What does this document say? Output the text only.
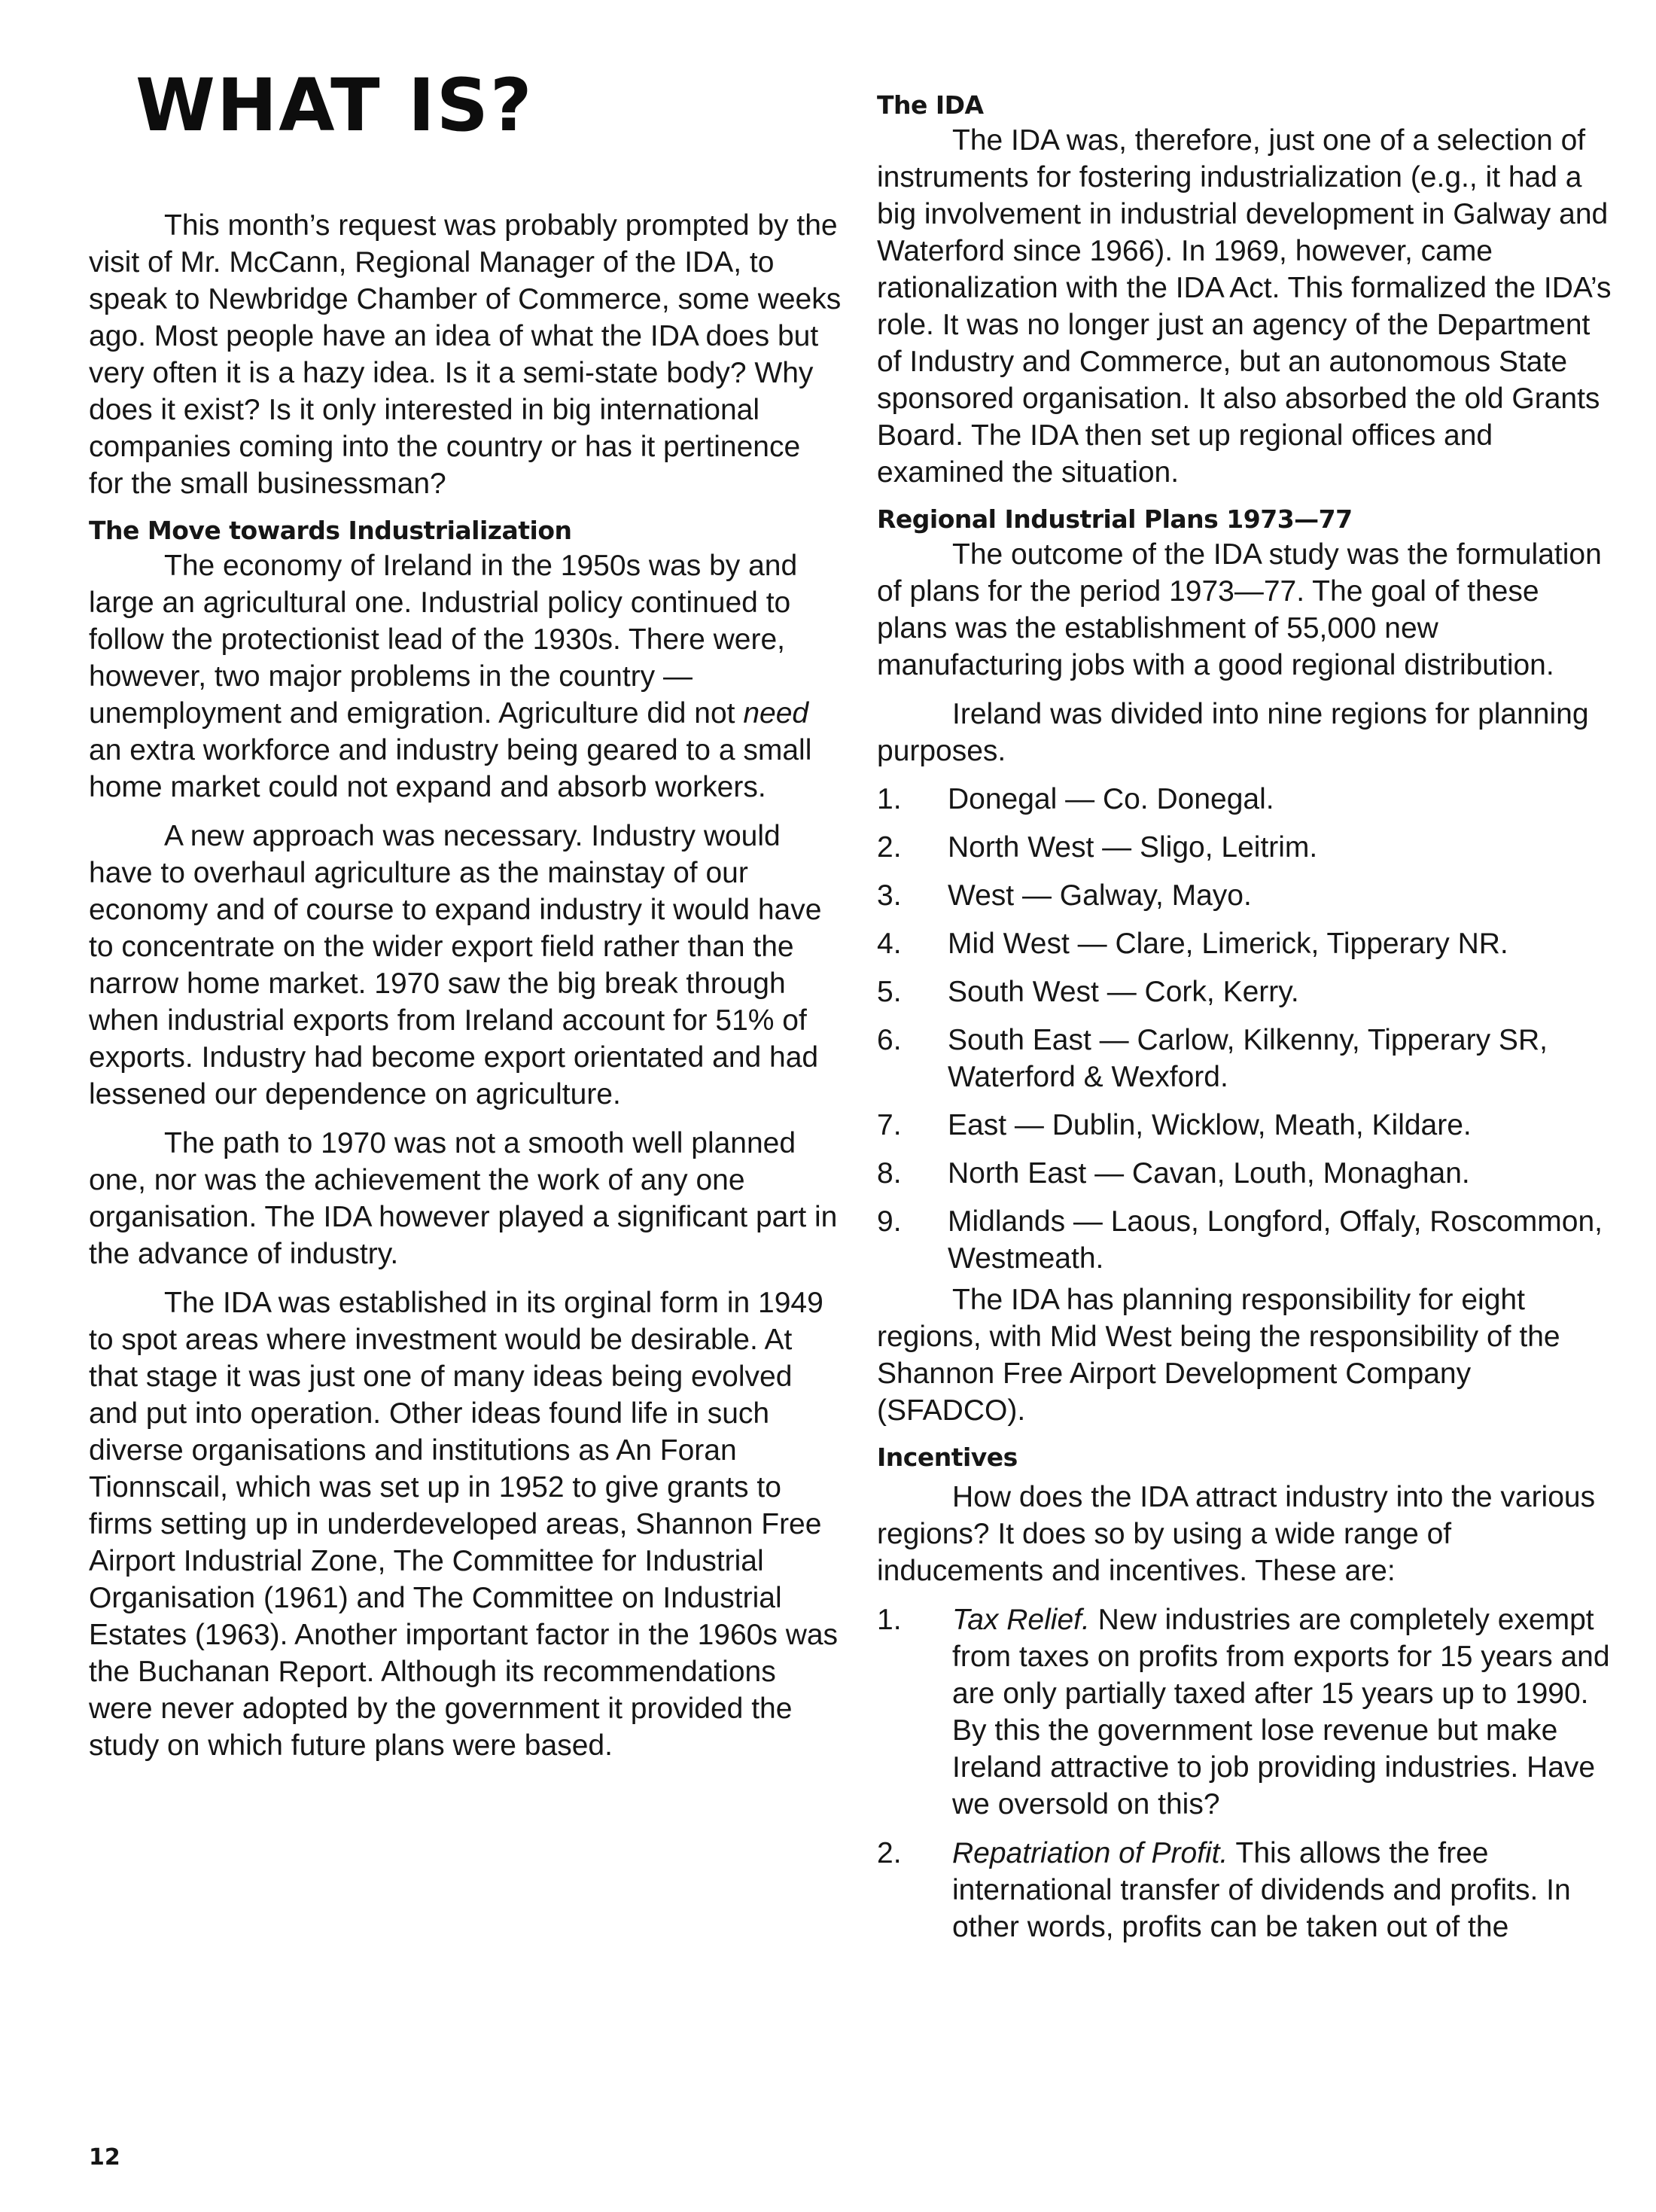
WHAT IS?

This month’s request was probably prompted by the visit of Mr. McCann, Regional Manager of the IDA, to speak to Newbridge Chamber of Commerce, some weeks ago. Most people have an idea of what the IDA does but very often it is a hazy idea. Is it a semi-state body? Why does it exist? Is it only interested in big international companies coming into the country or has it pertinence for the small businessman?

The Move towards Industrialization

The economy of Ireland in the 1950s was by and large an agricultural one. Industrial policy continued to follow the protectionist lead of the 1930s. There were, however, two major problems in the country — unemployment and emigration. Agriculture did not need an extra workforce and industry being geared to a small home market could not expand and absorb workers.

A new approach was necessary. Industry would have to overhaul agriculture as the mainstay of our economy and of course to expand industry it would have to concentrate on the wider export field rather than the narrow home market. 1970 saw the big break through when industrial exports from Ireland account for 51% of exports. Industry had become export orientated and had lessened our dependence on agriculture.

The path to 1970 was not a smooth well planned one, nor was the achievement the work of any one organisation. The IDA however played a significant part in the advance of industry.

The IDA was established in its orginal form in 1949 to spot areas where investment would be desirable. At that stage it was just one of many ideas being evolved and put into operation. Other ideas found life in such diverse organisations and institutions as An Foran Tionnscail, which was set up in 1952 to give grants to firms setting up in underdeveloped areas, Shannon Free Airport Industrial Zone, The Committee for Industrial Organisation (1961) and The Committee on Industrial Estates (1963). Another important factor in the 1960s was the Buchanan Report. Although its recommendations were never adopted by the government it provided the study on which future plans were based.

The IDA

The IDA was, therefore, just one of a selection of instruments for fostering industrialization (e.g., it had a big involvement in industrial development in Galway and Waterford since 1966). In 1969, however, came rationalization with the IDA Act. This formalized the IDA’s role. It was no longer just an agency of the Department of Industry and Commerce, but an autonomous State sponsored organisation. It also absorbed the old Grants Board. The IDA then set up regional offices and examined the situation.

Regional Industrial Plans 1973—77

The outcome of the IDA study was the formulation of plans for the period 1973—77. The goal of these plans was the establishment of 55,000 new manufacturing jobs with a good regional distribution.

Ireland was divided into nine regions for planning purposes.

1.	Donegal — Co. Donegal.
2.	North West — Sligo, Leitrim.
3.	West — Galway, Mayo.
4.	Mid West — Clare, Limerick, Tipperary NR.
5.	South West — Cork, Kerry.
6.	South East — Carlow, Kilkenny, Tipperary SR, Waterford & Wexford.
7.	East — Dublin, Wicklow, Meath, Kildare.
8.	North East — Cavan, Louth, Monaghan.
9.	Midlands — Laous, Longford, Offaly, Roscommon, Westmeath.

The IDA has planning responsibility for eight regions, with Mid West being the responsibility of the Shannon Free Airport Development Company (SFADCO).

Incentives

How does the IDA attract industry into the various regions? It does so by using a wide range of inducements and incentives. These are:

1.	Tax Relief. New industries are completely exempt from taxes on profits from exports for 15 years and are only partially taxed after 15 years up to 1990. By this the government lose revenue but make Ireland attractive to job providing industries. Have we oversold on this?
2.	Repatriation of Profit. This allows the free international transfer of dividends and profits. In other words, profits can be taken out of the
12
